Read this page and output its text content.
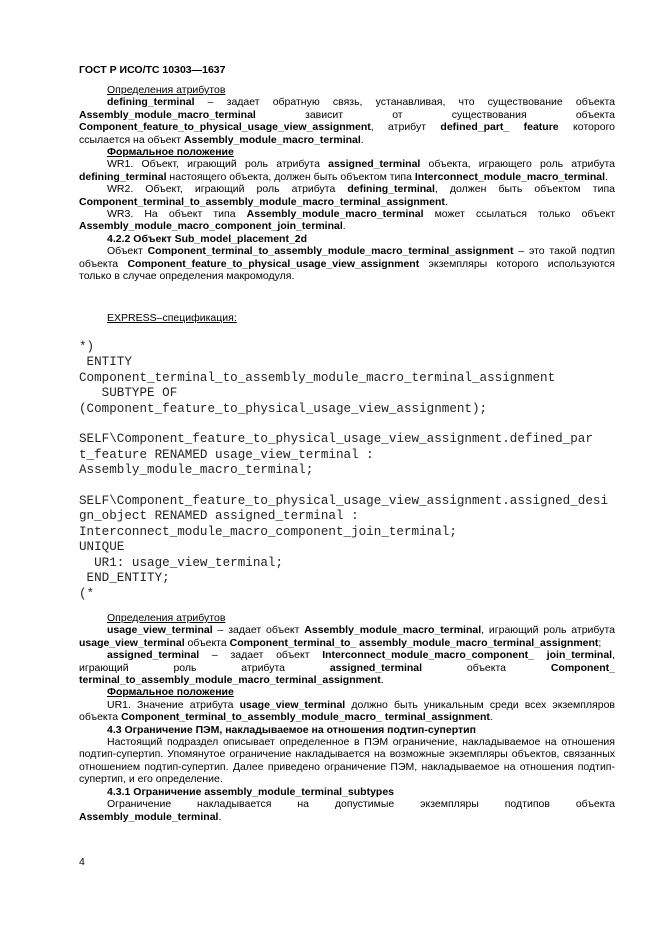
ГОСТ Р ИСО/ТС 10303—1637

Определения атрибутов

defining_terminal – задает обратную связь, устанавливая, что существование объекта Assembly_module_macro_terminal зависит от существования объекта Component_feature_to_physical_usage_view_assignment, атрибут defined_part_ feature которого ссылается на объект Assembly_module_macro_terminal.

Формальное положение

WR1. Объект, играющий роль атрибута assigned_terminal объекта, играющего роль атрибута defining_terminal настоящего объекта, должен быть объектом типа Interconnect_module_macro_terminal.

WR2. Объект, играющий роль атрибута defining_terminal, должен быть объектом типа Component_terminal_to_assembly_module_macro_terminal_assignment.

WR3. На объект типа Assembly_module_macro_terminal может ссылаться только объект Assembly_module_macro_component_join_terminal.

4.2.2 Объект Sub_model_placement_2d

Объект Component_terminal_to_assembly_module_macro_terminal_assignment – это такой подтип объекта Component_feature_to_physical_usage_view_assignment экземпляры которого используются только в случае определения макромодуля.

EXPRESS–спецификация:
*)
ENTITY
Component_terminal_to_assembly_module_macro_terminal_assignment
SUBTYPE OF
(Component_feature_to_physical_usage_view_assignment);

SELF\Component_feature_to_physical_usage_view_assignment.defined_par
t_feature RENAMED usage_view_terminal :
Assembly_module_macro_terminal;

SELF\Component_feature_to_physical_usage_view_assignment.assigned_desi
gn_object RENAMED assigned_terminal :
Interconnect_module_macro_component_join_terminal;
UNIQUE
UR1: usage_view_terminal;
END_ENTITY;
(*

Определения атрибутов

usage_view_terminal – задает объект Assembly_module_macro_terminal, играющий роль атрибута usage_view_terminal объекта Component_terminal_to_ assembly_module_macro_terminal_assignment;

assigned_terminal – задает объект Interconnect_module_macro_component_ join_terminal, играющий роль атрибута assigned_terminal объекта Component_ terminal_to_assembly_module_macro_terminal_assignment.

Формальное положение

UR1. Значение атрибута usage_view_terminal должно быть уникальным среди всех экземпляров объекта Component_terminal_to_assembly_module_macro_ terminal_assignment.

4.3 Ограничение ПЭМ, накладываемое на отношения подтип-супертип

Настоящий подраздел описывает определенное в ПЭМ ограничение, накладываемое на отношения подтип-супертип. Упомянутое ограничение накладывается на возможные экземпляры объектов, связанных отношением подтип-супертип. Далее приведено ограничение ПЭМ, накладываемое на отношения подтип-супертип, и его определение.

4.3.1 Ограничение assembly_module_terminal_subtypes

Ограничение накладывается на допустимые экземпляры подтипов объекта Assembly_module_terminal.

4
